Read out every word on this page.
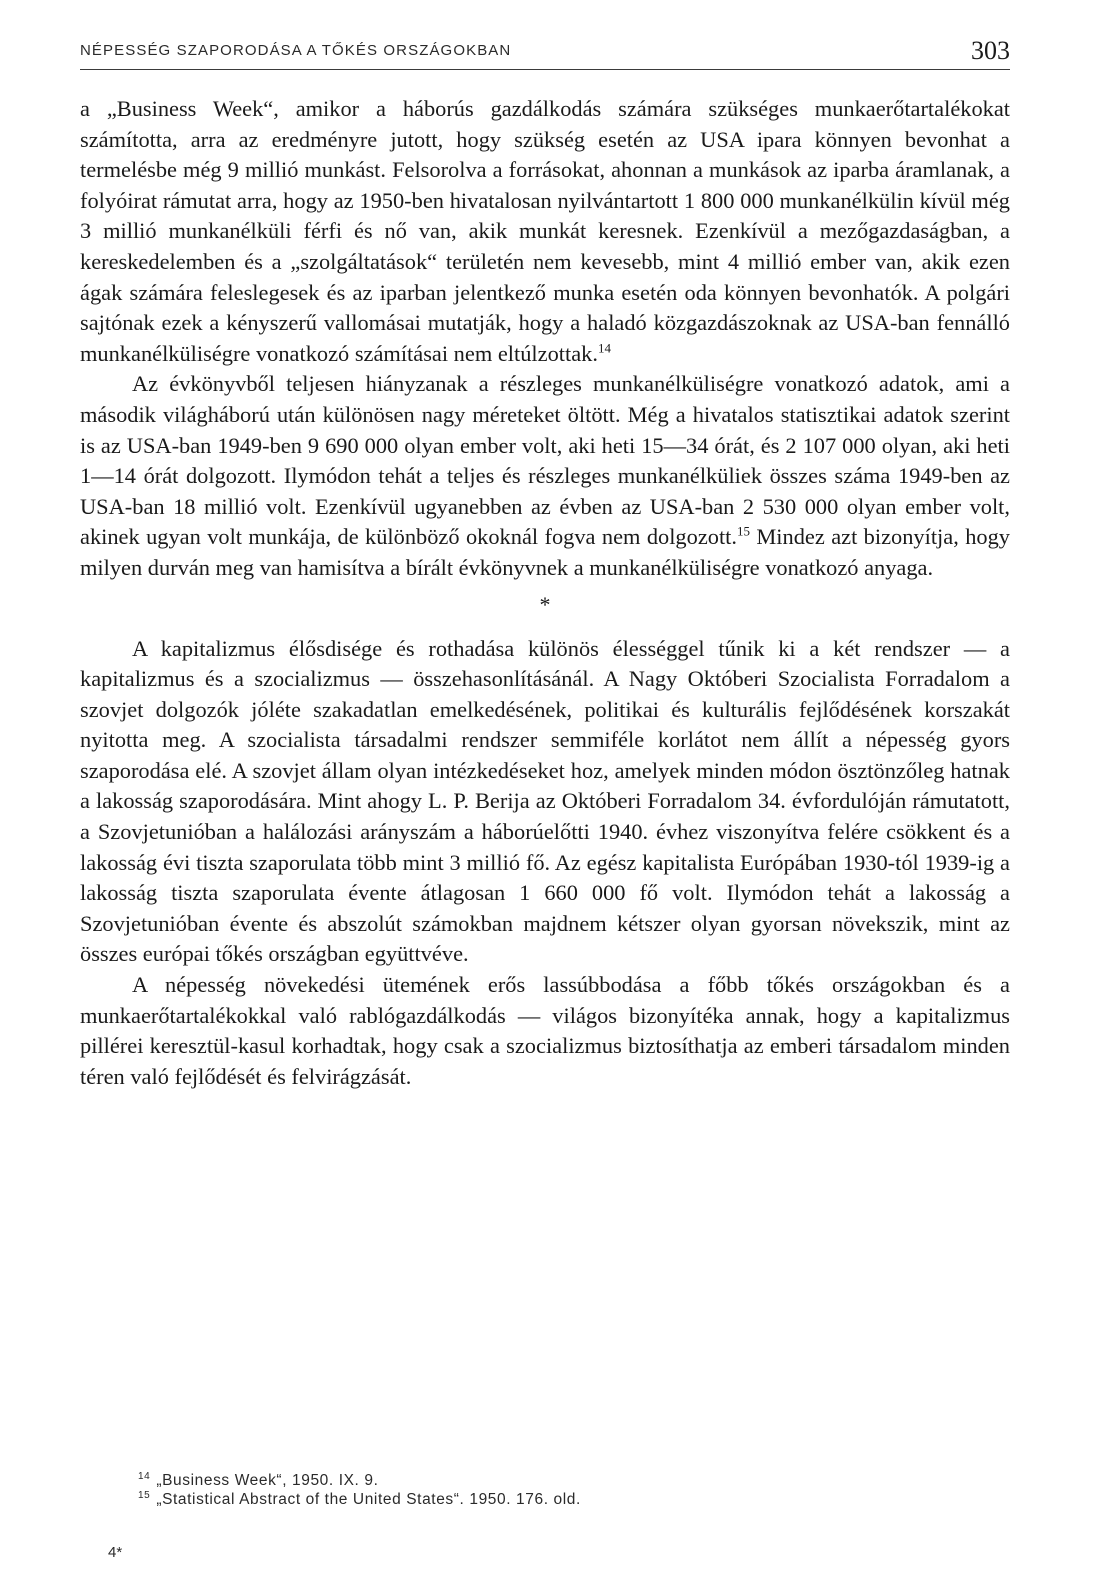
NÉPESSÉG SZAPORODÁSA A TŐKÉS ORSZÁGOKBAN	303

a „Business Week“, amikor a háborús gazdálkodás számára szükséges munkaerőtartalékokat számította, arra az eredményre jutott, hogy szükség esetén az USA ipara könnyen bevonhat a termelésbe még 9 millió munkást. Felsorolva a forrásokat, ahonnan a munkások az iparba áramlanak, a folyóirat rámutat arra, hogy az 1950-ben hivatalosan nyilvántartott 1 800 000 munkanélkülin kívül még 3 millió munkanélküli férfi és nő van, akik munkát keresnek. Ezenkívül a mezőgazdaságban, a kereskedelemben és a „szolgáltatások“ területén nem kevesebb, mint 4 millió ember van, akik ezen ágak számára feleslegesek és az iparban jelentkező munka esetén oda könnyen bevonhatók. A polgári sajtónak ezek a kényszerű vallomásai mutatják, hogy a haladó közgazdászoknak az USA-ban fennálló munkanélküliségre vonatkozó számításai nem eltúlzottak.$^{14}$

Az évkönyvből teljesen hiányzanak a részleges munkanélküliségre vonatkozó adatok, ami a második világháború után különösen nagy méreteket öltött. Még a hivatalos statisztikai adatok szerint is az USA-ban 1949-ben 9 690 000 olyan ember volt, aki heti 15—34 órát, és 2 107 000 olyan, aki heti 1—14 órát dolgozott. Ilymódon tehát a teljes és részleges munkanélküliek összes száma 1949-ben az USA-ban 18 millió volt. Ezenkívül ugyanebben az évben az USA-ban 2 530 000 olyan ember volt, akinek ugyan volt munkája, de különböző okoknál fogva nem dolgozott.$^{15}$ Mindez azt bizonyítja, hogy milyen durván meg van hamisítva a bírált évkönyvnek a munkanélküliségre vonatkozó anyaga.

*

A kapitalizmus élősdisége és rothadása különös élességgel tűnik ki a két rendszer — a kapitalizmus és a szocializmus — összehasonlításánál. A Nagy Októberi Szocialista Forradalom a szovjet dolgozók jóléte szakadatlan emelkedésének, politikai és kulturális fejlődésének korszakát nyitotta meg. A szocialista társadalmi rendszer semmiféle korlátot nem állít a népesség gyors szaporodása elé. A szovjet állam olyan intézkedéseket hoz, amelyek minden módon ösztönzőleg hatnak a lakosság szaporodására. Mint ahogy L. P. Berija az Októberi Forradalom 34. évfordulóján rámutatott, a Szovjetunióban a halálozási arányszám a háborúelőtti 1940. évhez viszonyítva felére csökkent és a lakosság évi tiszta szaporulata több mint 3 millió fő. Az egész kapitalista Európában 1930-tól 1939-ig a lakosság tiszta szaporulata évente átlagosan 1 660 000 fő volt. Ilymódon tehát a lakosság a Szovjetunióban évente és abszolút számokban majdnem kétszer olyan gyorsan növekszik, mint az összes európai tőkés országban együttvéve.

A népesség növekedési ütemének erős lassúbbodása a főbb tőkés országokban és a munkaerőtartalékokkal való rablógazdálkodás — világos bizonyítéka annak, hogy a kapitalizmus pillérei keresztül-kasul korhadtak, hogy csak a szocializmus biztosíthatja az emberi társadalom minden téren való fejlődését és felvirágzását.

$^{14}$ „Business Week“, 1950. IX. 9.
$^{15}$ „Statistical Abstract of the United States“. 1950. 176. old.
4*
